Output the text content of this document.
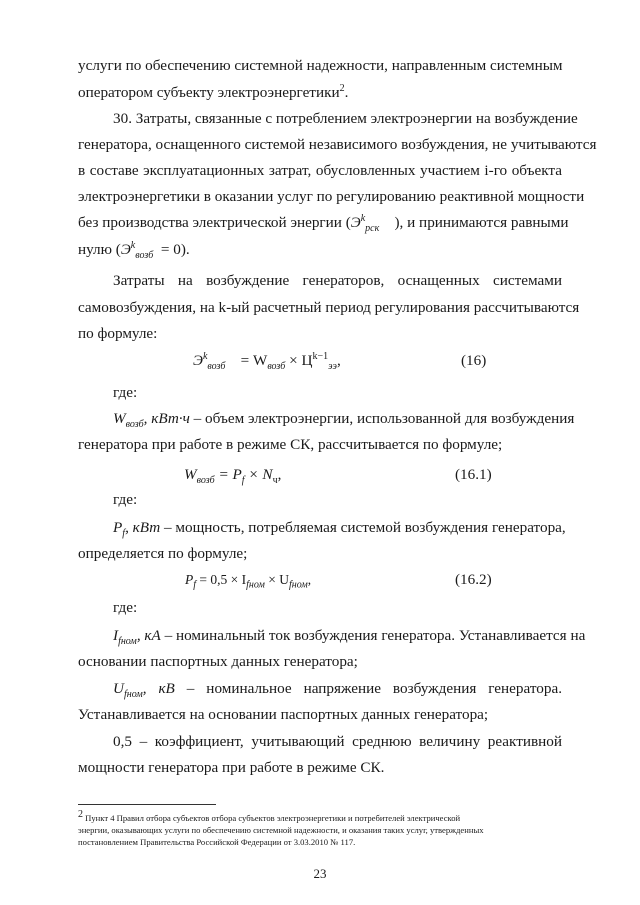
услуги по обеспечению системной надежности, направленным системным
оператором субъекту электроэнергетики$^2$.
30. Затраты, связанные с потреблением электроэнергии на возбуждение
генератора, оснащенного системой независимого возбуждения, не учитываются
в составе эксплуатационных затрат, обусловленных участием i-го объекта
электроэнергетики в оказании услуг по регулированию реактивной мощности
без производства электрической энергии ($Э^k_{рск}$ ), и принимаются равными
нулю $(Э^k_{возб} = 0)$.
Затраты на возбуждение генераторов, оснащенных системами
самовозбуждения, на k-ый расчетный период регулирования рассчитываются
по формуле:
$Э^k_{возб} = W_{возб} \times Ц^{k-1}_{ээ}$,	(16)
где:
$W_{возб}$, кВт·ч – объем электроэнергии, использованной для возбуждения
генератора при работе в режиме СК, рассчитывается по формуле;
$W_{возб} = P_f \times N_ч$,	(16.1)
где:
$P_f$, кВт – мощность, потребляемая системой возбуждения генератора,
определяется по формуле;
$P_f = 0,5 \times I_{fном} \times U_{fном}$,	(16.2)
где:
$I_{fном}$, кА – номинальный ток возбуждения генератора. Устанавливается на
основании паспортных данных генератора;
$U_{fном}$, кВ – номинальное напряжение возбуждения генератора.
Устанавливается на основании паспортных данных генератора;
0,5 – коэффициент, учитывающий среднюю величину реактивной
мощности генератора при работе в режиме СК.
$^2$ Пункт 4 Правил отбора субъектов отбора субъектов электроэнергетики и потребителей электрической
энергии, оказывающих услуги по обеспечению системной надежности, и оказания таких услуг, утвержденных
постановлением Правительства Российской Федерации от 3.03.2010 № 117.
23
